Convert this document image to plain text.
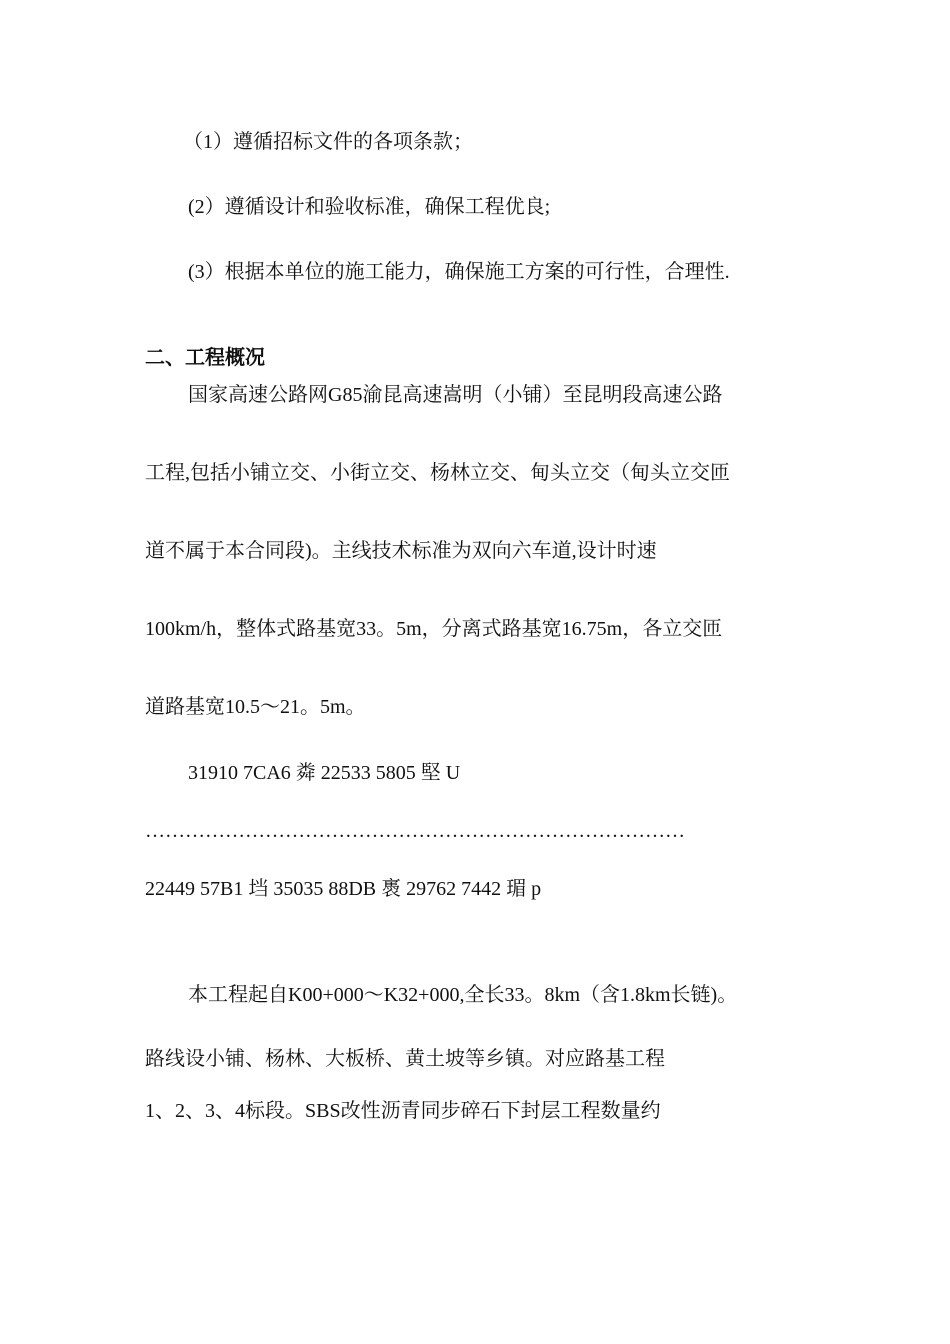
（1）遵循招标文件的各项条款；
(2）遵循设计和验收标准，确保工程优良;
(3）根据本单位的施工能力，确保施工方案的可行性，合理性.
二、工程概况
国家高速公路网G85渝昆高速嵩明（小铺）至昆明段高速公路
工程,包括小铺立交、小街立交、杨林立交、甸头立交（甸头立交匝
道不属于本合同段)。主线技术标准为双向六车道,设计时速
100km/h，整体式路基宽33。5m，分离式路基宽16.75m，各立交匝
道路基宽10.5～21。5m。
31910 7CA6 粦 22533 5805 堅 U
………………………………………………………………………
22449 57B1 垱 35035 88DB 褭 29762 7442 瑂 p
本工程起自K00+000～K32+000,全长33。8km（含1.8km长链)。
路线设小铺、杨林、大板桥、黄土坡等乡镇。对应路基工程
1、2、3、4标段。SBS改性沥青同步碎石下封层工程数量约
